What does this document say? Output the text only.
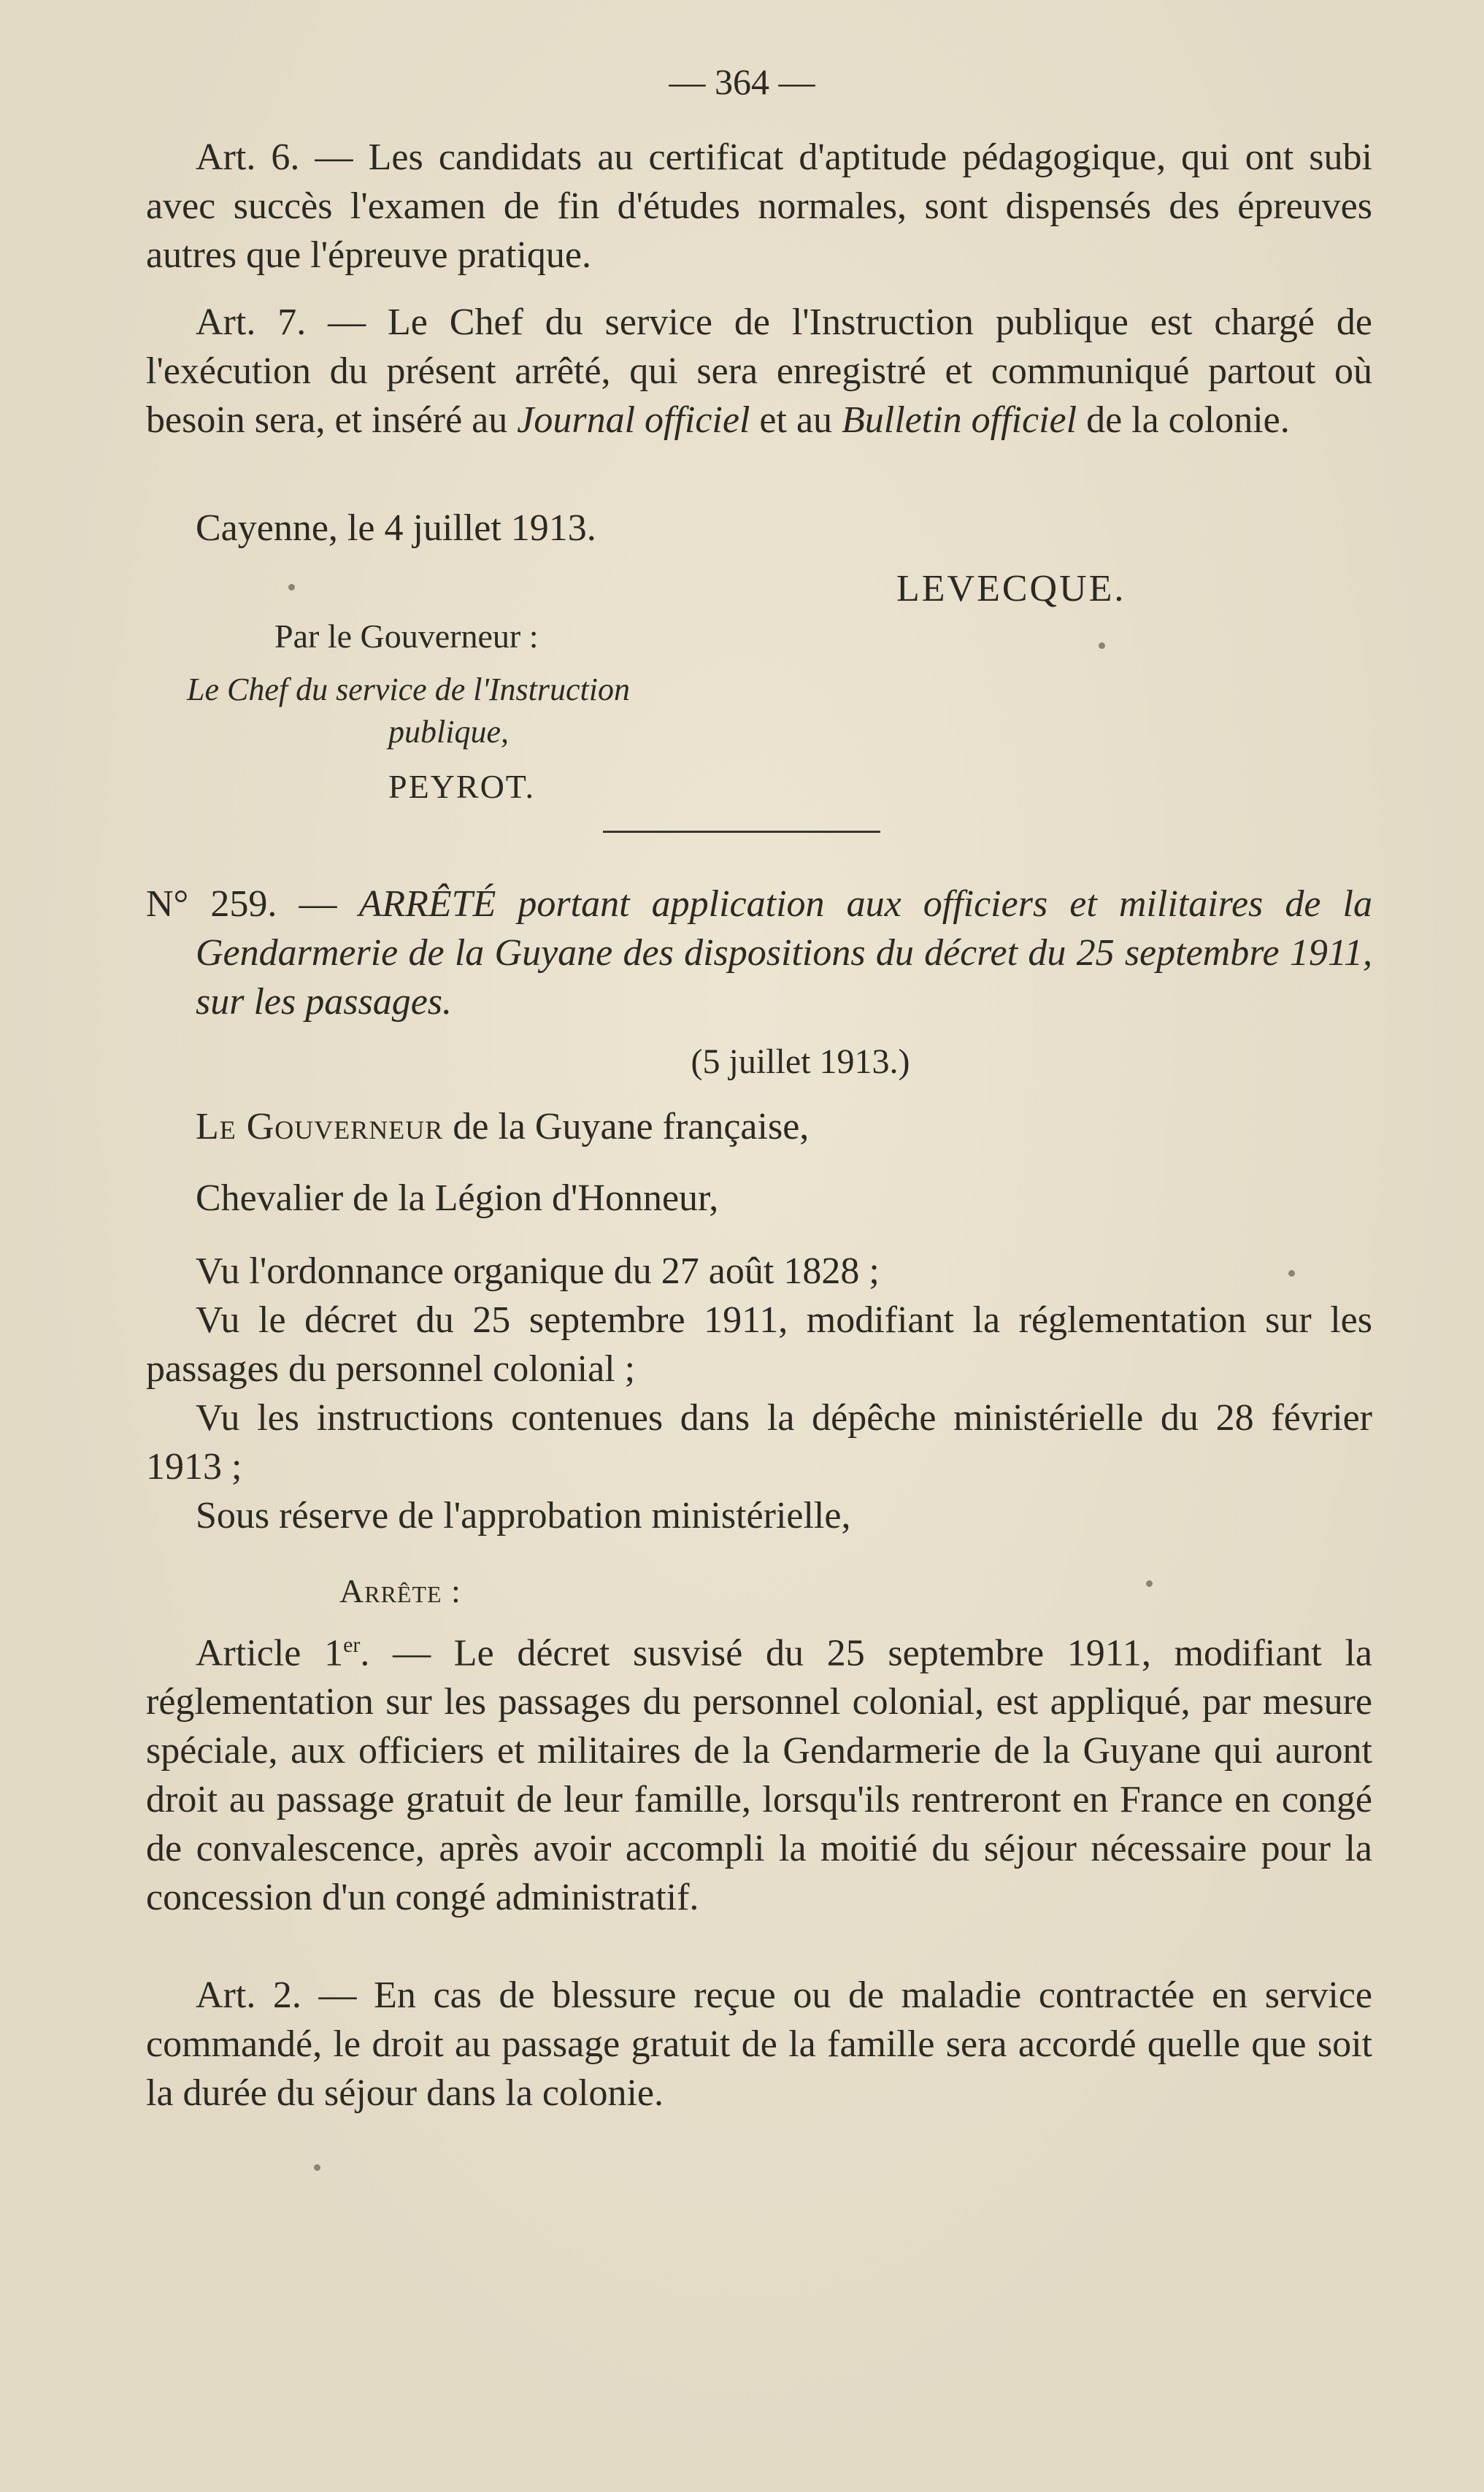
— 364 —

Art. 6. — Les candidats au certificat d'aptitude pédagogique, qui ont subi avec succès l'examen de fin d'études normales, sont dispensés des épreuves autres que l'épreuve pratique.

Art. 7. — Le Chef du service de l'Instruction publique est chargé de l'exécution du présent arrêté, qui sera enregistré et communiqué partout où besoin sera, et inséré au Journal officiel et au Bulletin officiel de la colonie.

Cayenne, le 4 juillet 1913.
LEVECQUE.
Par le Gouverneur :
Le Chef du service de l'Instruction
publique,
PEYROT.

N° 259. — ARRÊTÉ portant application aux officiers et militaires de la Gendarmerie de la Guyane des dispositions du décret du 25 septembre 1911, sur les passages.

(5 juillet 1913.)

Le Gouverneur de la Guyane française,

Chevalier de la Légion d'Honneur,

Vu l'ordonnance organique du 27 août 1828 ;

Vu le décret du 25 septembre 1911, modifiant la réglementation sur les passages du personnel colonial ;

Vu les instructions contenues dans la dépêche ministérielle du 28 février 1913 ;

Sous réserve de l'approbation ministérielle,

Arrête :

Article 1er. — Le décret susvisé du 25 septembre 1911, modifiant la réglementation sur les passages du personnel colonial, est appliqué, par mesure spéciale, aux officiers et militaires de la Gendarmerie de la Guyane qui auront droit au passage gratuit de leur famille, lorsqu'ils rentreront en France en congé de convalescence, après avoir accompli la moitié du séjour nécessaire pour la concession d'un congé administratif.

Art. 2. — En cas de blessure reçue ou de maladie contractée en service commandé, le droit au passage gratuit de la famille sera accordé quelle que soit la durée du séjour dans la colonie.
